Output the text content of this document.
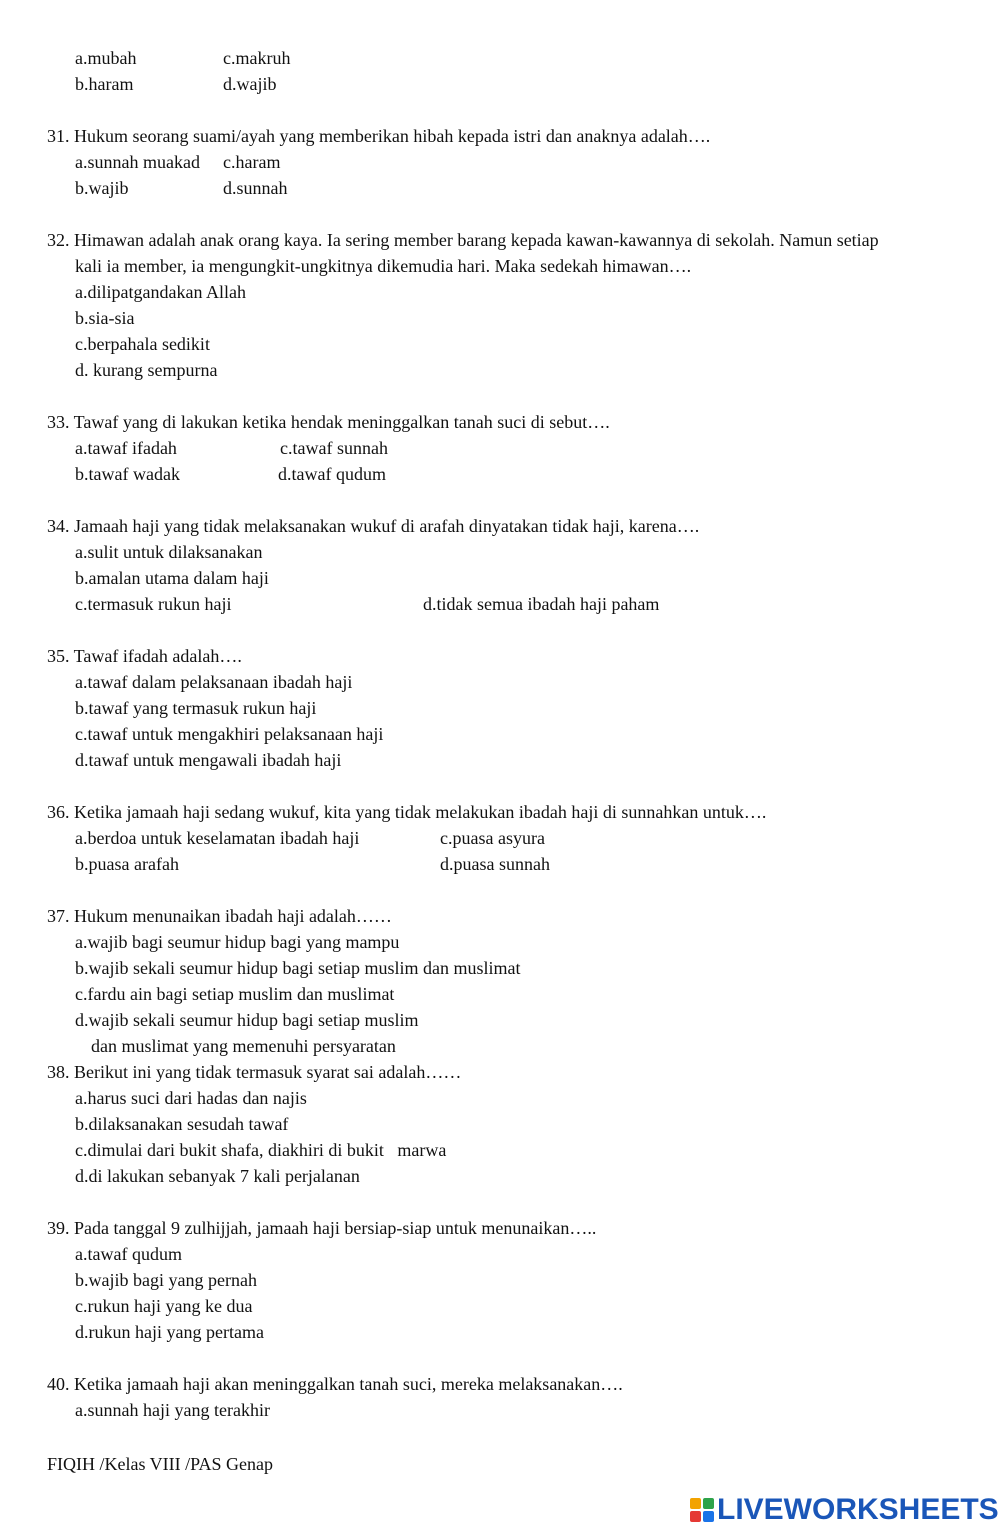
a.mubah	c.makruh
b.haram	d.wajib
31. Hukum seorang suami/ayah yang memberikan hibah kepada istri dan anaknya adalah….
a.sunnah muakad c.haram
b.wajib	d.sunnah
32. Himawan adalah anak orang kaya. Ia sering member barang kepada kawan-kawannya di sekolah. Namun setiap
kali ia member, ia mengungkit-ungkitnya dikemudia hari. Maka sedekah himawan….
a.dilipatgandakan Allah
b.sia-sia
c.berpahala sedikit
d. kurang sempurna
33. Tawaf yang di lakukan ketika hendak meninggalkan tanah suci di sebut….
a.tawaf ifadah	c.tawaf sunnah
b.tawaf wadak	d.tawaf qudum
34. Jamaah haji yang tidak melaksanakan wukuf di arafah dinyatakan tidak haji, karena….
a.sulit untuk dilaksanakan
b.amalan utama dalam haji
c.termasuk rukun haji	d.tidak semua ibadah haji paham
35. Tawaf ifadah adalah….
a.tawaf dalam pelaksanaan ibadah haji
b.tawaf yang termasuk rukun haji
c.tawaf untuk mengakhiri pelaksanaan haji
d.tawaf untuk mengawali ibadah haji
36. Ketika jamaah haji sedang wukuf, kita yang tidak melakukan ibadah haji di sunnahkan untuk….
a.berdoa untuk keselamatan ibadah haji	c.puasa asyura
b.puasa arafah	d.puasa sunnah
37. Hukum menunaikan ibadah haji adalah……
a.wajib bagi seumur hidup bagi yang mampu
b.wajib sekali seumur hidup bagi setiap muslim dan muslimat
c.fardu ain bagi setiap muslim dan muslimat
d.wajib sekali seumur hidup bagi setiap muslim
dan muslimat yang memenuhi persyaratan
38. Berikut ini yang tidak termasuk syarat sai adalah……
a.harus suci dari hadas dan najis
b.dilaksanakan sesudah tawaf
c.dimulai dari bukit shafa, diakhiri di bukit   marwa
d.di lakukan sebanyak 7 kali perjalanan
39. Pada tanggal 9 zulhijjah, jamaah haji bersiap-siap untuk menunaikan…..
a.tawaf qudum
b.wajib bagi yang pernah
c.rukun haji yang ke dua
d.rukun haji yang pertama
40. Ketika jamaah haji akan meninggalkan tanah suci, mereka melaksanakan….
a.sunnah haji yang terakhir
FIQIH /Kelas VIII /PAS Genap
LIVEWORKSHEETS
